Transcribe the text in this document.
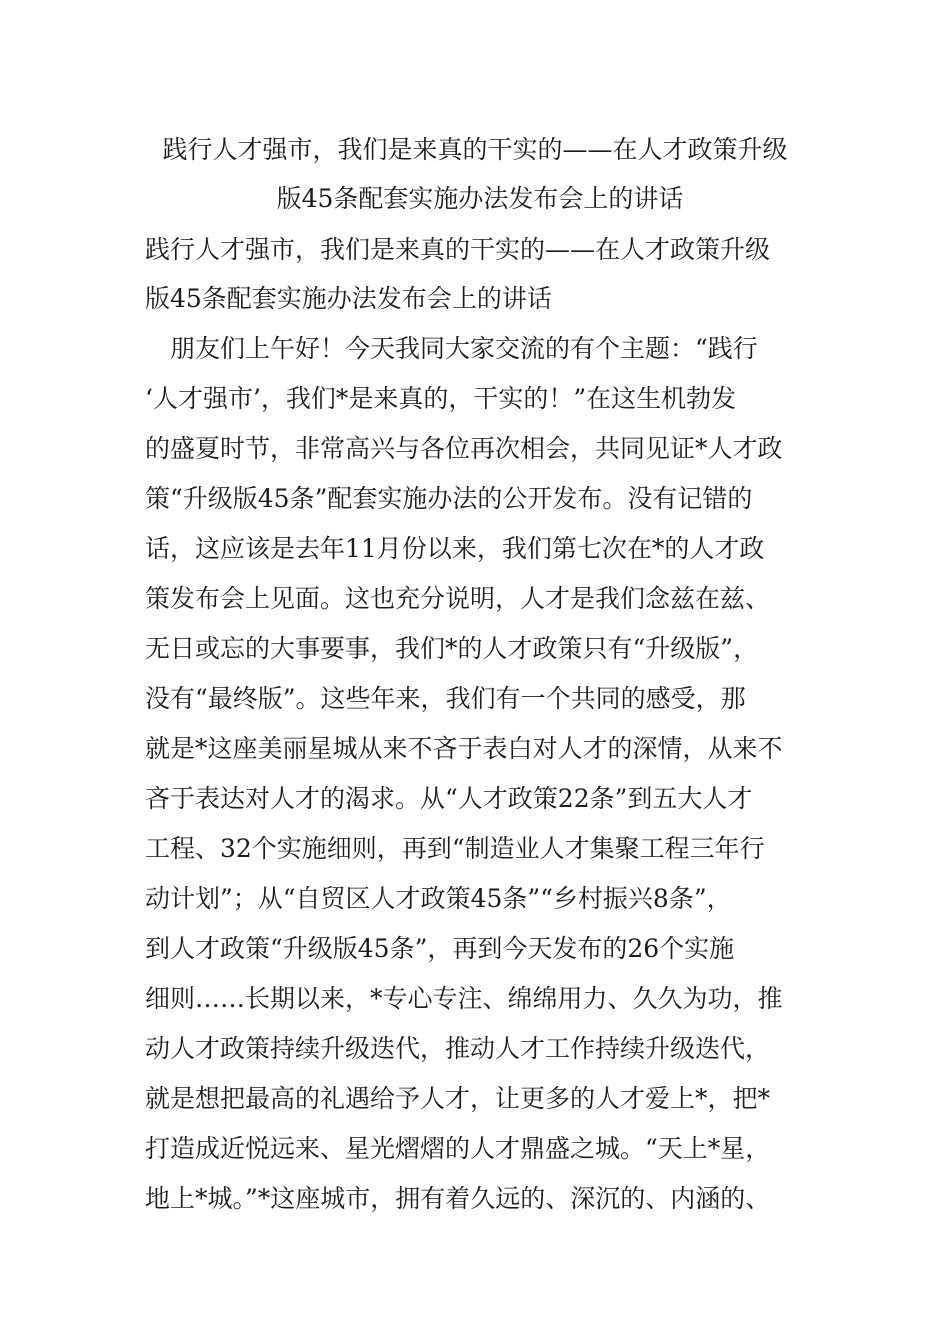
践行人才强市，我们是来真的干实的——在人才政策升级
版45条配套实施办法发布会上的讲话
践行人才强市，我们是来真的干实的——在人才政策升级
版45条配套实施办法发布会上的讲话
　朋友们上午好！今天我同大家交流的有个主题：“践行
‘人才强市’，我们*是来真的，干实的！”在这生机勃发
的盛夏时节，非常高兴与各位再次相会，共同见证*人才政
策“升级版45条”配套实施办法的公开发布。没有记错的
话，这应该是去年11月份以来，我们第七次在*的人才政
策发布会上见面。这也充分说明，人才是我们念兹在兹、
无日或忘的大事要事，我们*的人才政策只有“升级版”，
没有“最终版”。这些年来，我们有一个共同的感受，那
就是*这座美丽星城从来不吝于表白对人才的深情，从来不
吝于表达对人才的渴求。从“人才政策22条”到五大人才
工程、32个实施细则，再到“制造业人才集聚工程三年行
动计划”；从“自贸区人才政策45条”“乡村振兴8条”，
到人才政策“升级版45条”，再到今天发布的26个实施
细则……长期以来，*专心专注、绵绵用力、久久为功，推
动人才政策持续升级迭代，推动人才工作持续升级迭代，
就是想把最高的礼遇给予人才，让更多的人才爱上*，把*
打造成近悦远来、星光熠熠的人才鼎盛之城。“天上*星，
地上*城。”*这座城市，拥有着久远的、深沉的、内涵的、
